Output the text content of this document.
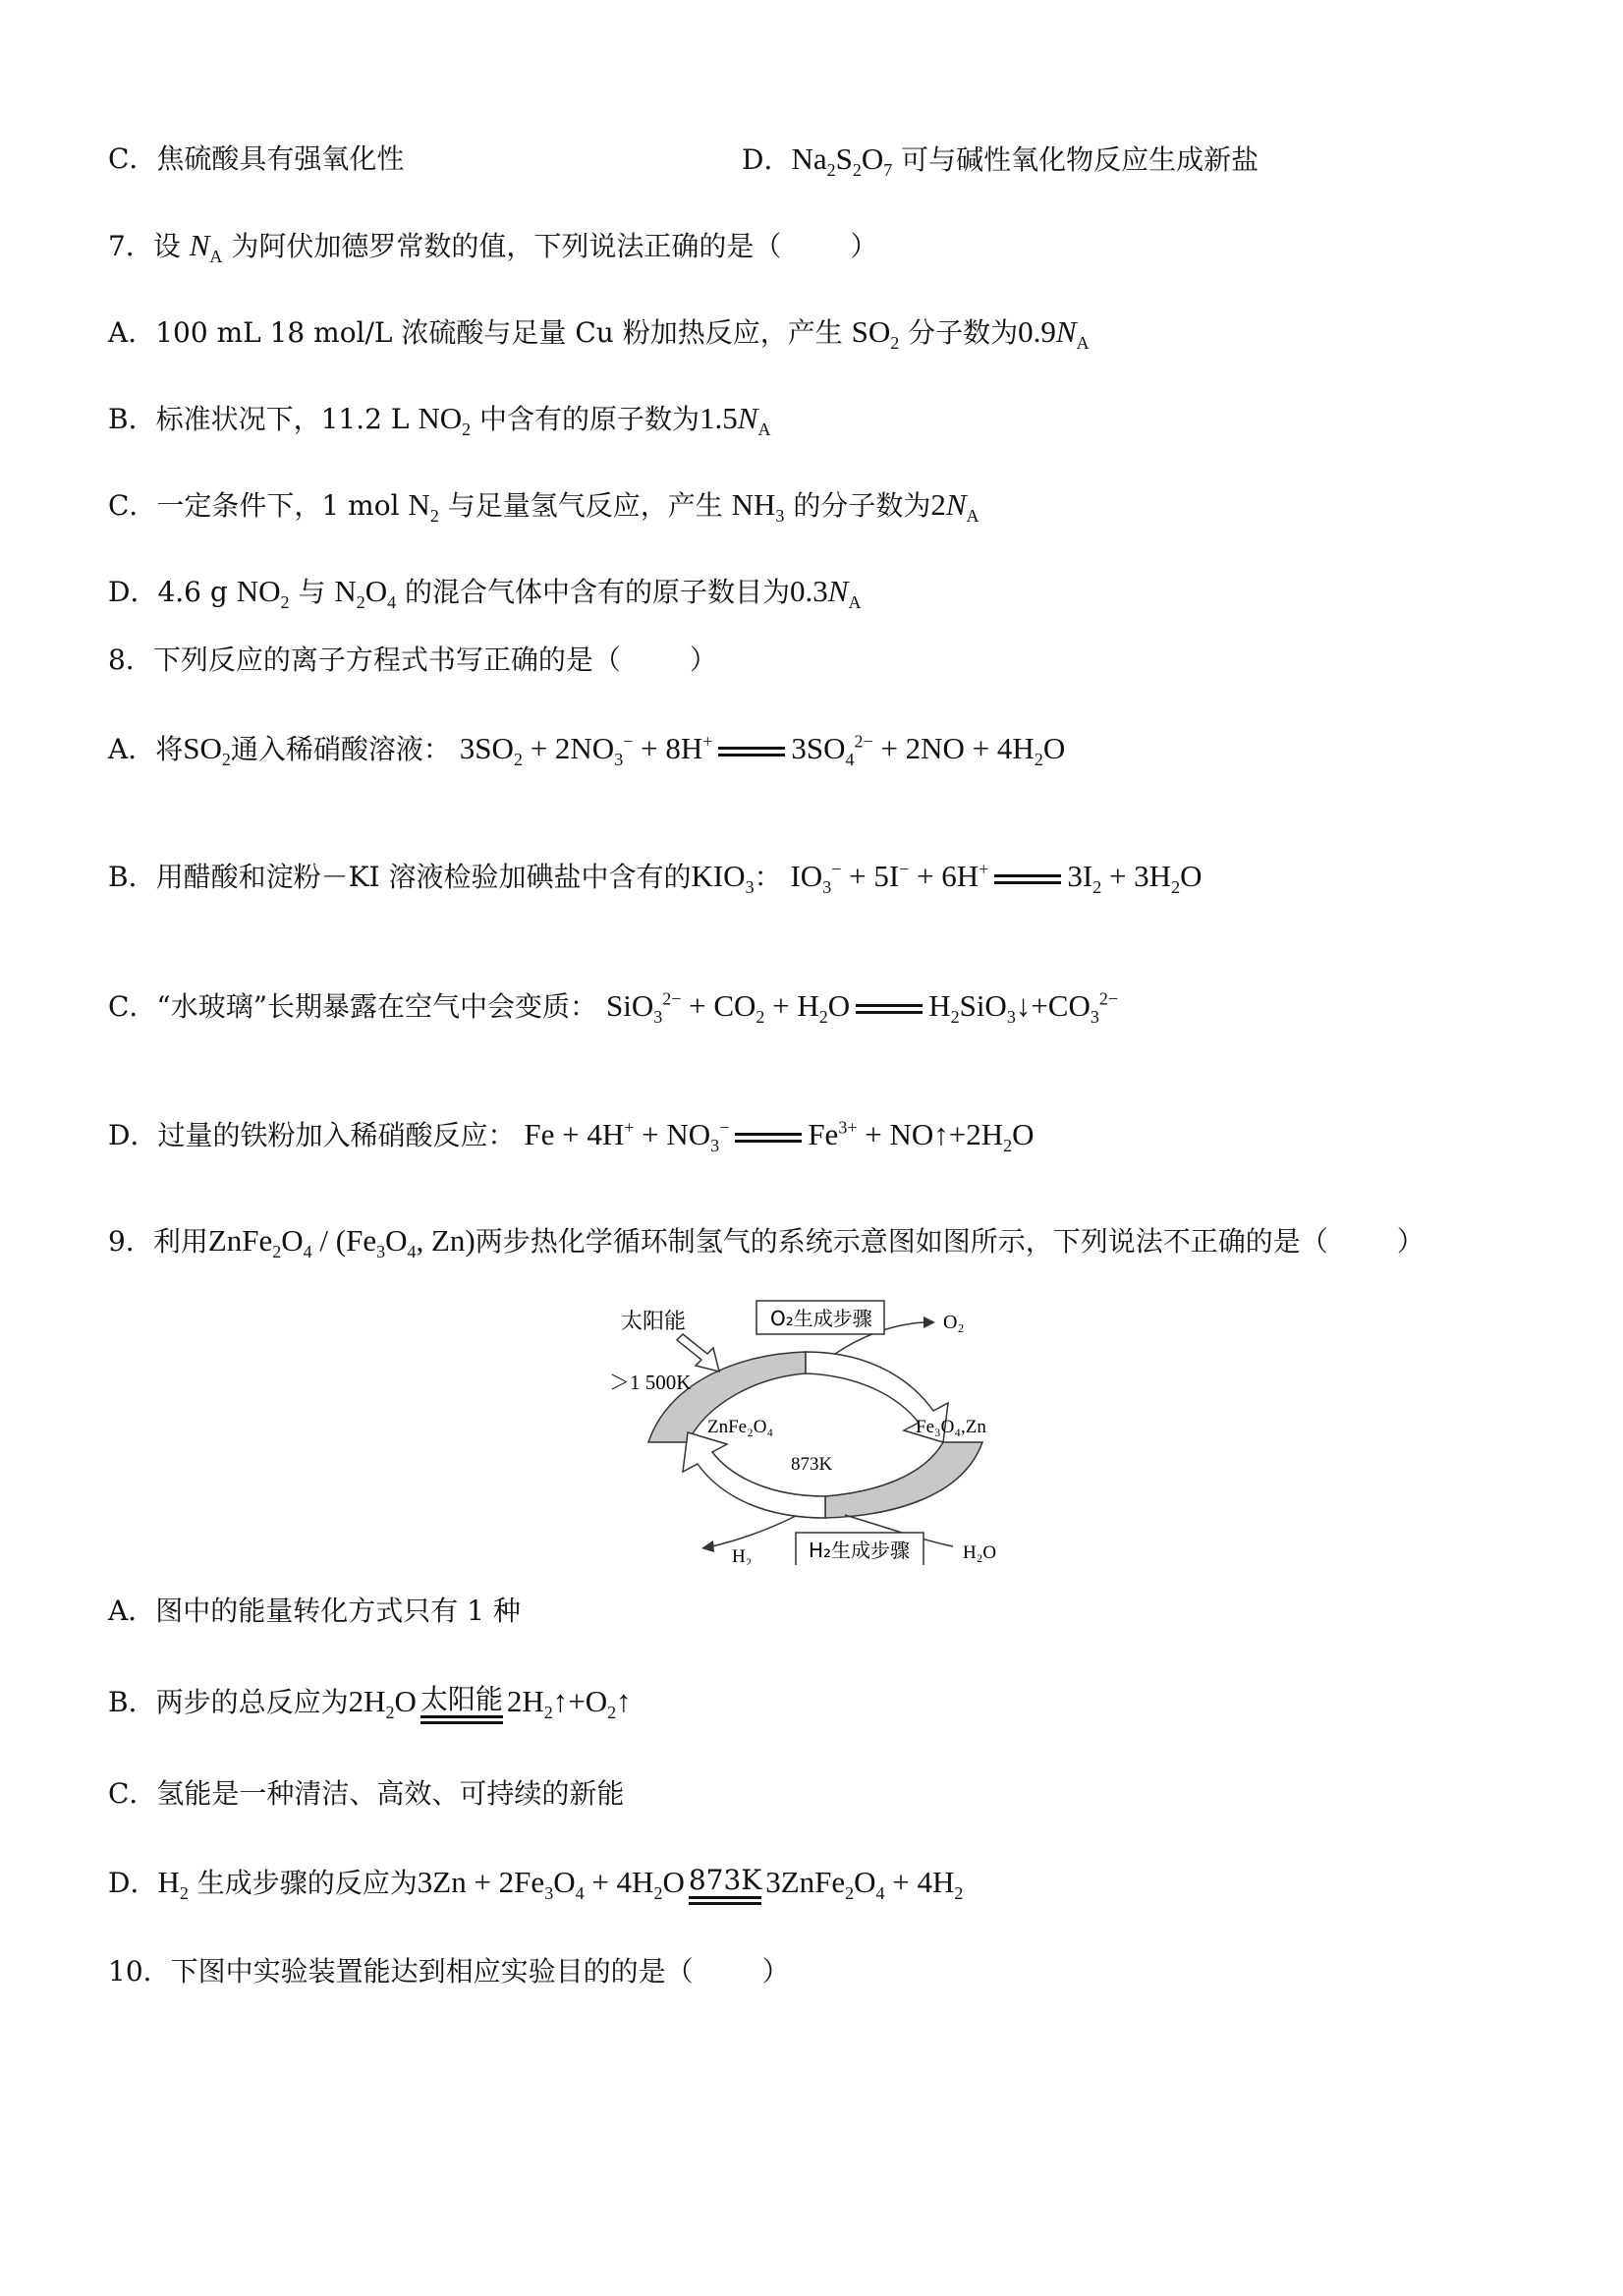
C．焦硫酸具有强氧化性	D．$Na_2S_2O_7$ 可与碱性氧化物反应生成新盐
7．设 $N_A$ 为阿伏加德罗常数的值，下列说法正确的是（	）
A．100 mL 18 mol/L 浓硫酸与足量 Cu 粉加热反应，产生 $SO_2$ 分子数为$0.9N_A$
B．标准状况下，11.2 L $NO_2$ 中含有的原子数为$1.5N_A$
C．一定条件下，1 mol $N_2$ 与足量氢气反应，产生 $NH_3$ 的分子数为$2N_A$
D．4.6 g $NO_2$ 与 $N_2O_4$ 的混合气体中含有的原子数目为$0.3N_A$
8．下列反应的离子方程式书写正确的是（	）
A．将$SO_2$通入稀硝酸溶液： $3SO_2 + 2NO_3^- + 8H^+$	$3SO_4^{2-} + 2NO + 4H_2O$
B．用醋酸和淀粉－KI 溶液检验加碘盐中含有的$KIO_3$： $IO_3^- + 5I^- + 6H^+$	$3I_2 + 3H_2O$
C．“水玻璃”长期暴露在空气中会变质： $SiO_3^{2-} + CO_2 + H_2O$	$H_2SiO_3↓+CO_3^{2-}$
D．过量的铁粉加入稀硝酸反应： $Fe + 4H^+ + NO_3^-$	$Fe^{3+}$ + $NO↑+2H_2O$
9．利用$ZnFe_2O_4 / (Fe_3O_4$, Zn)两步热化学循环制氢气的系统示意图如图所示，下列说法不正确的是（	）
太阳能	O₂生成步骤	O₂
＞1 500K
ZnFe₂O₄	Fe₃O₄,Zn
873K
H₂	H₂生成步骤	H₂O
A．图中的能量转化方式只有 1 种
B．两步的总反应为$2H_2O$ 太阳能 $2H_2↑+O_2↑$
C．氢能是一种清洁、高效、可持续的新能
D．$H_2$ 生成步骤的反应为$3Zn + 2Fe_3O_4 + 4H_2O$ 873K $3ZnFe_2O_4 + 4H_2$
10．下图中实验装置能达到相应实验目的的是（	）
